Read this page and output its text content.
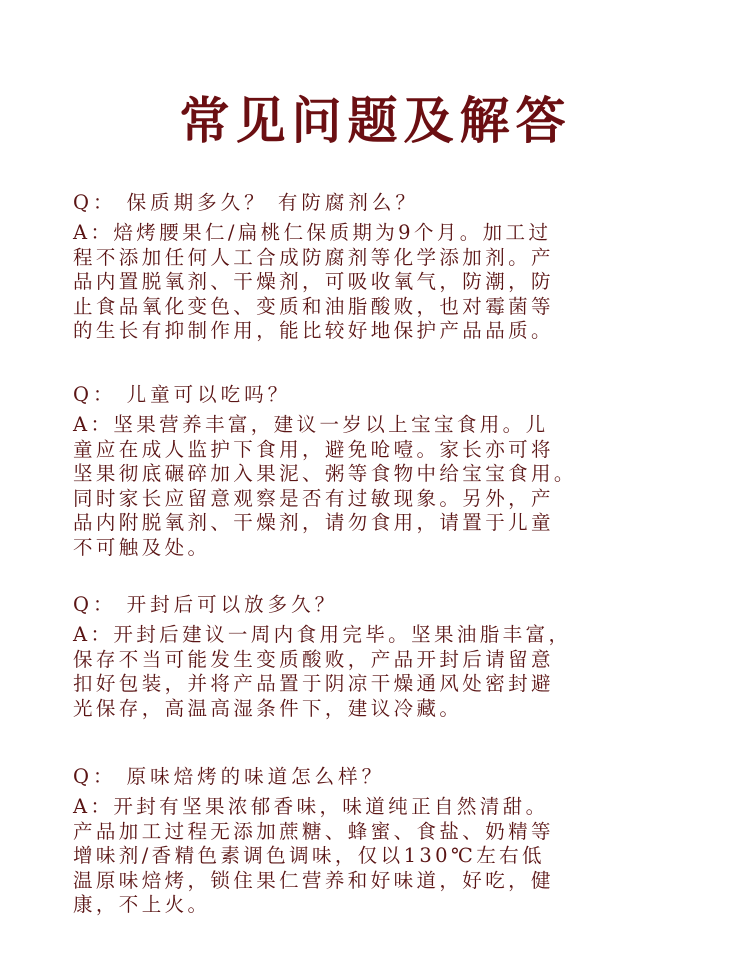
常见问题及解答

Q： 保质期多久？ 有防腐剂么？

A：焙烤腰果仁/扁桃仁保质期为9个月。加工过
程不添加任何人工合成防腐剂等化学添加剂。产
品内置脱氧剂、干燥剂，可吸收氧气，防潮，防
止食品氧化变色、变质和油脂酸败，也对霉菌等
的生长有抑制作用，能比较好地保护产品品质。

Q： 儿童可以吃吗？

A：坚果营养丰富，建议一岁以上宝宝食用。儿
童应在成人监护下食用，避免呛噎。家长亦可将
坚果彻底碾碎加入果泥、粥等食物中给宝宝食用。
同时家长应留意观察是否有过敏现象。另外，产
品内附脱氧剂、干燥剂，请勿食用，请置于儿童
不可触及处。

Q： 开封后可以放多久？

A：开封后建议一周内食用完毕。坚果油脂丰富，
保存不当可能发生变质酸败，产品开封后请留意
扣好包装，并将产品置于阴凉干燥通风处密封避
光保存，高温高湿条件下，建议冷藏。

Q： 原味焙烤的味道怎么样？

A：开封有坚果浓郁香味，味道纯正自然清甜。
产品加工过程无添加蔗糖、蜂蜜、食盐、奶精等
增味剂/香精色素调色调味，仅以130℃左右低
温原味焙烤，锁住果仁营养和好味道，好吃，健
康，不上火。
